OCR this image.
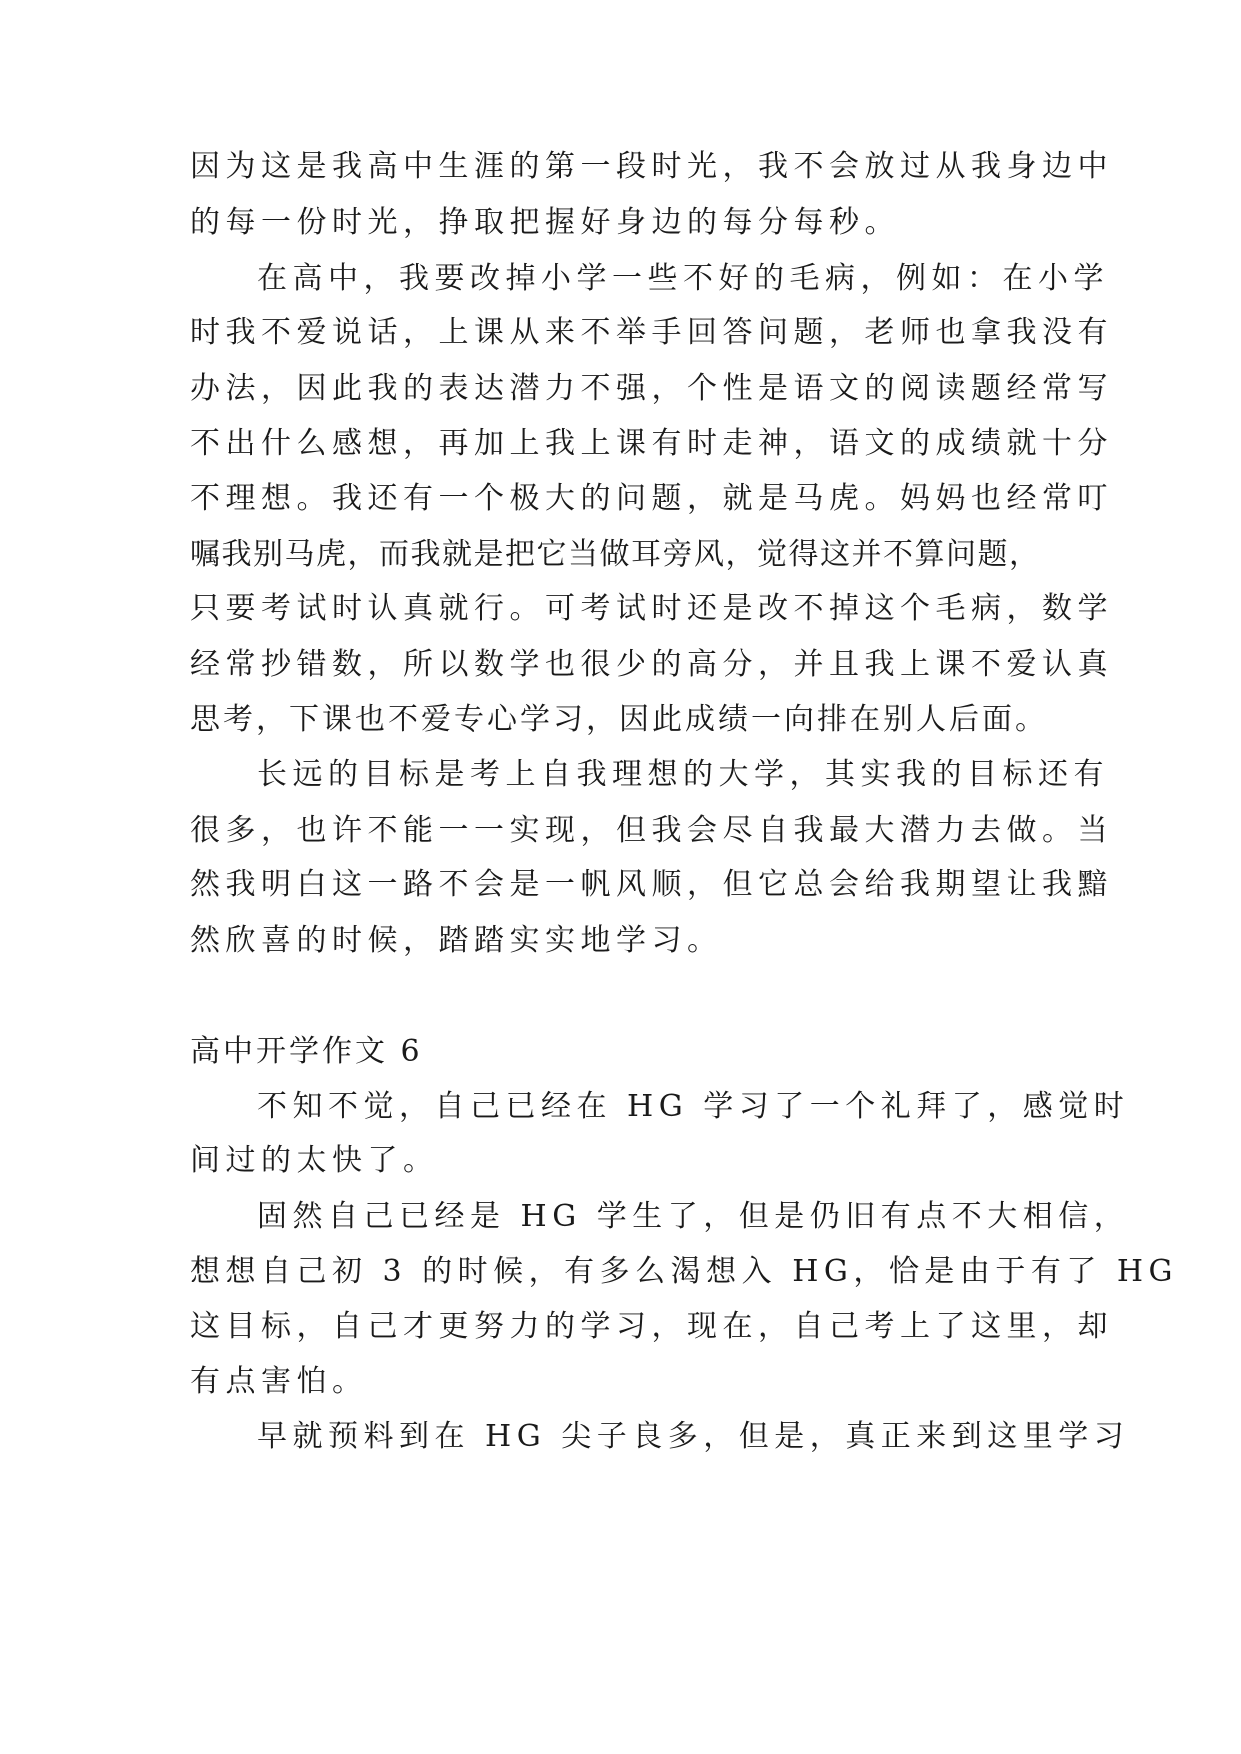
因为这是我高中生涯的第一段时光，我不会放过从我身边中
的每一份时光，挣取把握好身边的每分每秒。
在高中，我要改掉小学一些不好的毛病，例如：在小学
时我不爱说话，上课从来不举手回答问题，老师也拿我没有
办法，因此我的表达潜力不强，个性是语文的阅读题经常写
不出什么感想，再加上我上课有时走神，语文的成绩就十分
不理想。我还有一个极大的问题，就是马虎。妈妈也经常叮
嘱我别马虎，而我就是把它当做耳旁风，觉得这并不算问题，
只要考试时认真就行。可考试时还是改不掉这个毛病，数学
经常抄错数，所以数学也很少的高分，并且我上课不爱认真
思考，下课也不爱专心学习，因此成绩一向排在别人后面。
长远的目标是考上自我理想的大学，其实我的目标还有
很多，也许不能一一实现，但我会尽自我最大潜力去做。当
然我明白这一路不会是一帆风顺，但它总会给我期望让我黯
然欣喜的时候，踏踏实实地学习。
高中开学作文 6
不知不觉，自己已经在 HG 学习了一个礼拜了，感觉时
间过的太快了。
固然自己已经是 HG 学生了，但是仍旧有点不大相信，
想想自己初 3 的时候，有多么渴想入 HG，恰是由于有了 HG
这目标，自己才更努力的学习，现在，自己考上了这里，却
有点害怕。
早就预料到在 HG 尖子良多，但是，真正来到这里学习
